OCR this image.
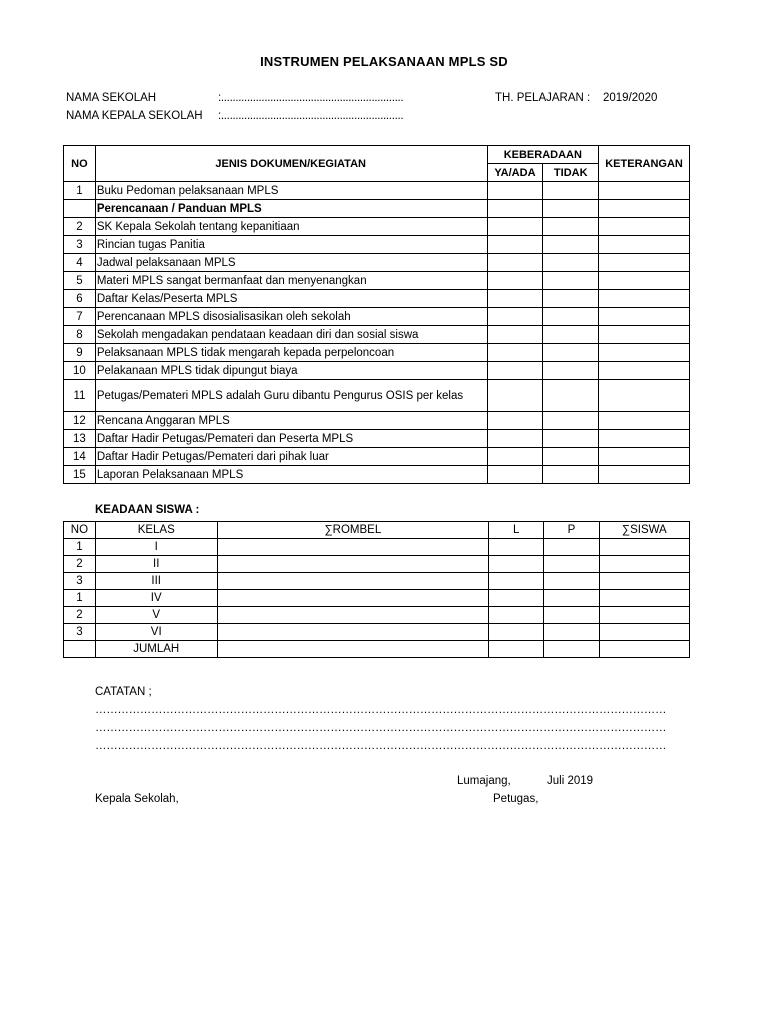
INSTRUMEN PELAKSANAAN MPLS SD
NAMA SEKOLAH	:...............................................................	TH. PELAJARAN : 2019/2020
NAMA KEPALA SEKOLAH :...............................................................
NO	JENIS DOKUMEN/KEGIATAN	KEBERADAAN		KETERANGAN
		YA/ADA	TIDAK	
1	Buku Pedoman pelaksanaan MPLS			
	Perencanaan / Panduan MPLS			
2	SK Kepala Sekolah tentang kepanitiaan			
3	Rincian tugas Panitia			
4	Jadwal pelaksanaan MPLS			
5	Materi MPLS sangat bermanfaat dan menyenangkan			
6	Daftar Kelas/Peserta MPLS			
7	Perencanaan MPLS disosialisasikan oleh sekolah			
8	Sekolah mengadakan pendataan keadaan diri dan sosial siswa			
9	Pelaksanaan MPLS tidak mengarah kepada perpeloncoan			
10	Pelakanaan MPLS tidak dipungut biaya			
11	Petugas/Pemateri MPLS adalah Guru dibantu Pengurus OSIS per kelas			

12	Rencana Anggaran MPLS			
13	Daftar Hadir Petugas/Pemateri dan Peserta MPLS			
14	Daftar Hadir Petugas/Pemateri dari pihak luar			
15	Laporan Pelaksanaan MPLS			
KEADAAN SISWA :
NO	KELAS	∑ROMBEL	L	P	∑SISWA
1	I				
2	II				
3	III				
1	IV				
2	V				
3	VI				
	JUMLAH				
CATATAN ;
………………………………………………………………………………………………………………………………………
………………………………………………………………………………………………………………………………………
………………………………………………………………………………………………………………………………………
Lumajang,	Juli 2019
Kepala Sekolah,	Petugas,
